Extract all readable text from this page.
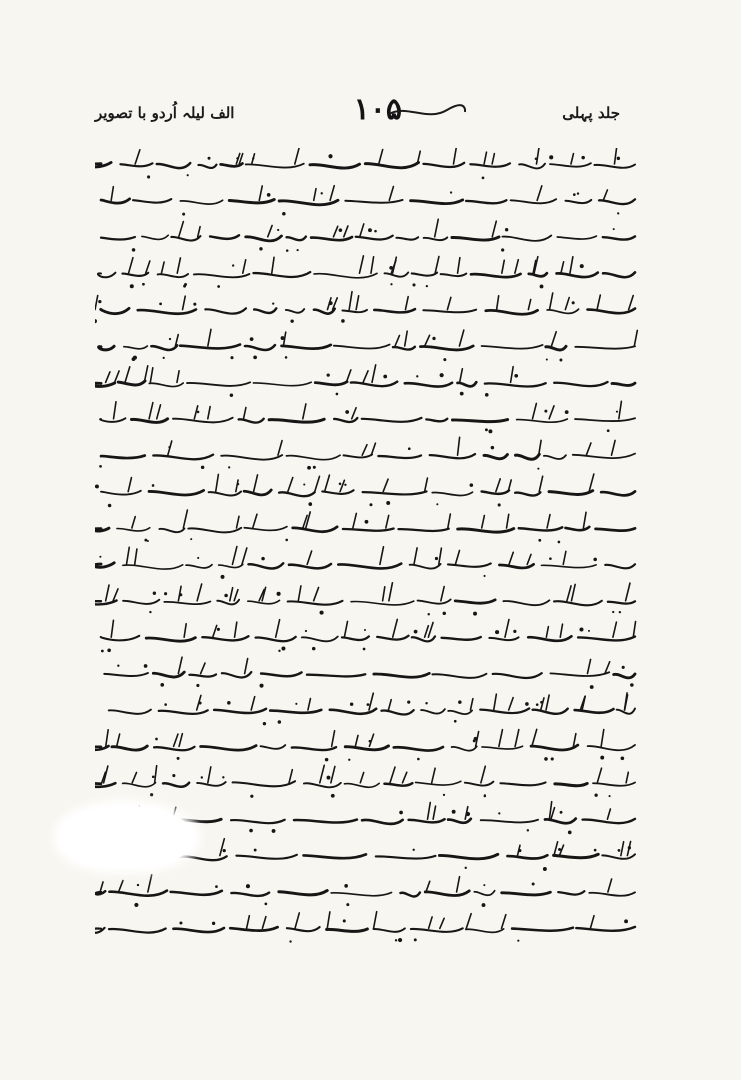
جلد پہلی
۱۰۵
الف لیلہ اُردو با تصویر
